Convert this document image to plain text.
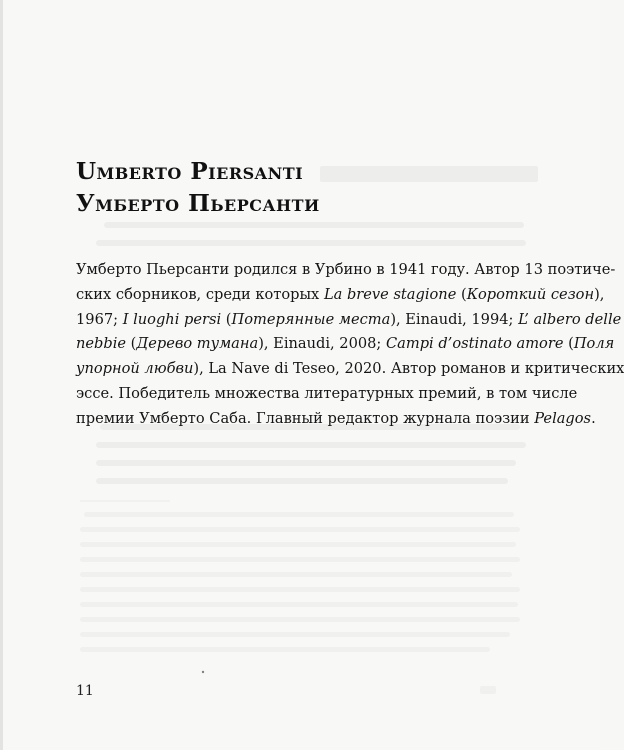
Umberto Piersanti
Умберто Пьерсанти

Умберто Пьерсанти родился в Урбино в 1941 году. Автор 13 поэтиче-
ских сборников, среди которых La breve stagione (Короткий сезон),
1967; I luoghi persi (Потерянные места), Einaudi, 1994; L’ albero delle
nebbie (Дерево тумана), Einaudi, 2008; Campi d’ostinato amore (Поля
упорной любви), La Nave di Teseo, 2020. Автор романов и критических
эссе. Победитель множества литературных премий, в том числе
премии Умберто Саба. Главный редактор журнала поэзии Pelagos.

11
